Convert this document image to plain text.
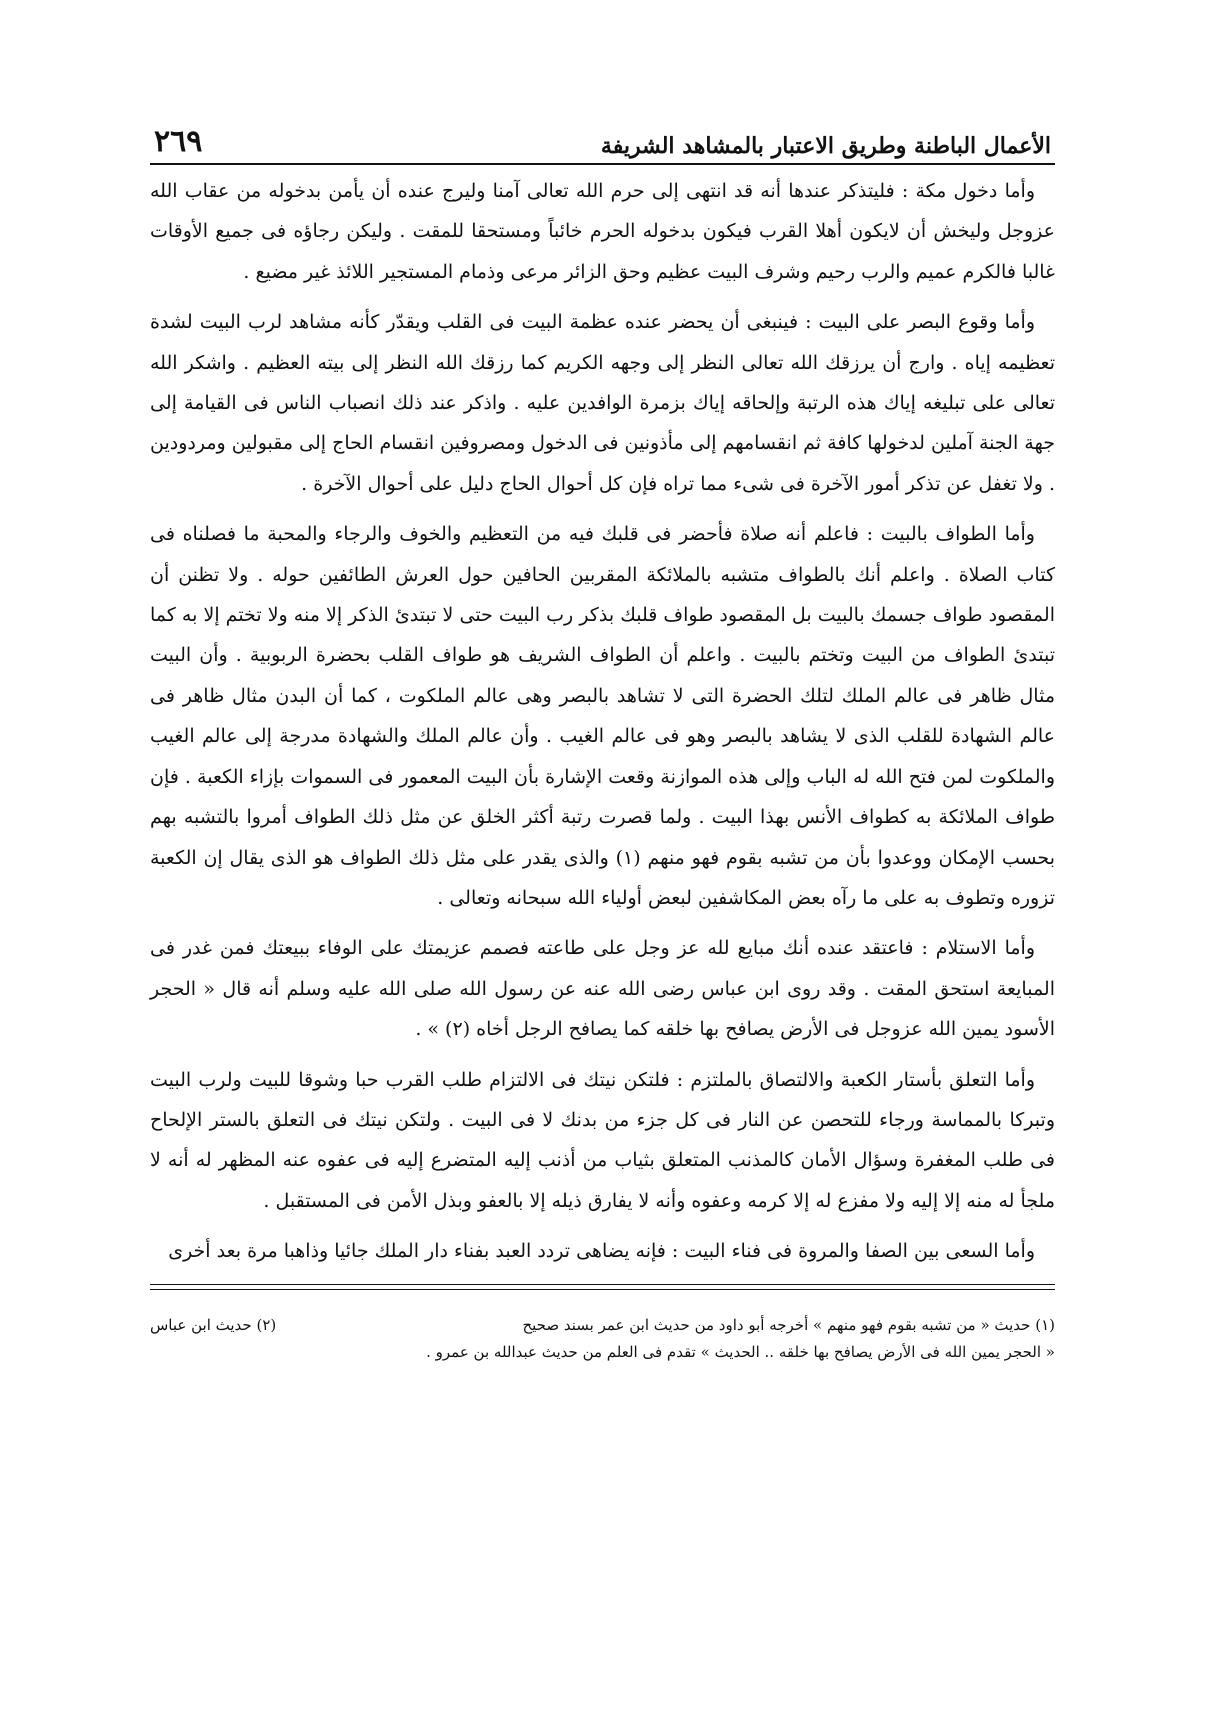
الأعمال الباطنة وطريق الاعتبار بالمشاهد الشريفة
٢٦٩

وأما دخول مكة : فليتذكر عندها أنه قد انتهى إلى حرم الله تعالى آمنا وليرج عنده أن يأمن بدخوله من عقاب الله عزوجل وليخش أن لايكون أهلا القرب فيكون بدخوله الحرم خائباً ومستحقا للمقت . وليكن رجاؤه فى جميع الأوقات غالبا فالكرم عميم والرب رحيم وشرف البيت عظيم وحق الزائر مرعى وذمام المستجير اللائذ غير مضيع .

وأما وقوع البصر على البيت : فينبغى أن يحضر عنده عظمة البيت فى القلب ويقدّر كأنه مشاهد لرب البيت لشدة تعظيمه إياه . وارج أن يرزقك الله تعالى النظر إلى وجهه الكريم كما رزقك الله النظر إلى بيته العظيم . واشكر الله تعالى على تبليغه إياك هذه الرتبة وإلحاقه إياك بزمرة الوافدين عليه . واذكر عند ذلك انصباب الناس فى القيامة إلى جهة الجنة آملين لدخولها كافة ثم انقسامهم إلى مأذونين فى الدخول ومصروفين انقسام الحاج إلى مقبولين ومردودين . ولا تغفل عن تذكر أمور الآخرة فى شىء مما تراه فإن كل أحوال الحاج دليل على أحوال الآخرة .

وأما الطواف بالبيت : فاعلم أنه صلاة فأحضر فى قلبك فيه من التعظيم والخوف والرجاء والمحبة ما فصلناه فى كتاب الصلاة . واعلم أنك بالطواف متشبه بالملائكة المقربين الحافين حول العرش الطائفين حوله . ولا تظنن أن المقصود طواف جسمك بالبيت بل المقصود طواف قلبك بذكر رب البيت حتى لا تبتدئ الذكر إلا منه ولا تختم إلا به كما تبتدئ الطواف من البيت وتختم بالبيت . واعلم أن الطواف الشريف هو طواف القلب بحضرة الربوبية . وأن البيت مثال ظاهر فى عالم الملك لتلك الحضرة التى لا تشاهد بالبصر وهى عالم الملكوت ، كما أن البدن مثال ظاهر فى عالم الشهادة للقلب الذى لا يشاهد بالبصر وهو فى عالم الغيب . وأن عالم الملك والشهادة مدرجة إلى عالم الغيب والملكوت لمن فتح الله له الباب وإلى هذه الموازنة وقعت الإشارة بأن البيت المعمور فى السموات بإزاء الكعبة . فإن طواف الملائكة به كطواف الأنس بهذا البيت . ولما قصرت رتبة أكثر الخلق عن مثل ذلك الطواف أمروا بالتشبه بهم بحسب الإمكان ووعدوا بأن من تشبه بقوم فهو منهم (١) والذى يقدر على مثل ذلك الطواف هو الذى يقال إن الكعبة تزوره وتطوف به على ما رآه بعض المكاشفين لبعض أولياء الله سبحانه وتعالى .

وأما الاستلام : فاعتقد عنده أنك مبايع لله عز وجل على طاعته فصمم عزيمتك على الوفاء ببيعتك فمن غدر فى المبايعة استحق المقت . وقد روى ابن عباس رضى الله عنه عن رسول الله صلى الله عليه وسلم أنه قال « الحجر الأسود يمين الله عزوجل فى الأرض يصافح بها خلقه كما يصافح الرجل أخاه (٢) » .

وأما التعلق بأستار الكعبة والالتصاق بالملتزم : فلتكن نيتك فى الالتزام طلب القرب حبا وشوقا للبيت ولرب البيت وتبركا بالمماسة ورجاء للتحصن عن النار فى كل جزء من بدنك لا فى البيت . ولتكن نيتك فى التعلق بالستر الإلحاح فى طلب المغفرة وسؤال الأمان كالمذنب المتعلق بثياب من أذنب إليه المتضرع إليه فى عفوه عنه المظهر له أنه لا ملجأ له منه إلا إليه ولا مفزع له إلا كرمه وعفوه وأنه لا يفارق ذيله إلا بالعفو وبذل الأمن فى المستقبل .

وأما السعى بين الصفا والمروة فى فناء البيت : فإنه يضاهى تردد العبد بفناء دار الملك جائيا وذاهبا مرة بعد أخرى

(١) حديث « من تشبه بقوم فهو منهم » أخرجه أبو داود من حديث ابن عمر بسند صحيح

(٢) حديث ابن عباس

« الحجر يمين الله فى الأرض يصافح بها خلقه .. الحديث » تقدم فى العلم من حديث عبدالله بن عمرو .
